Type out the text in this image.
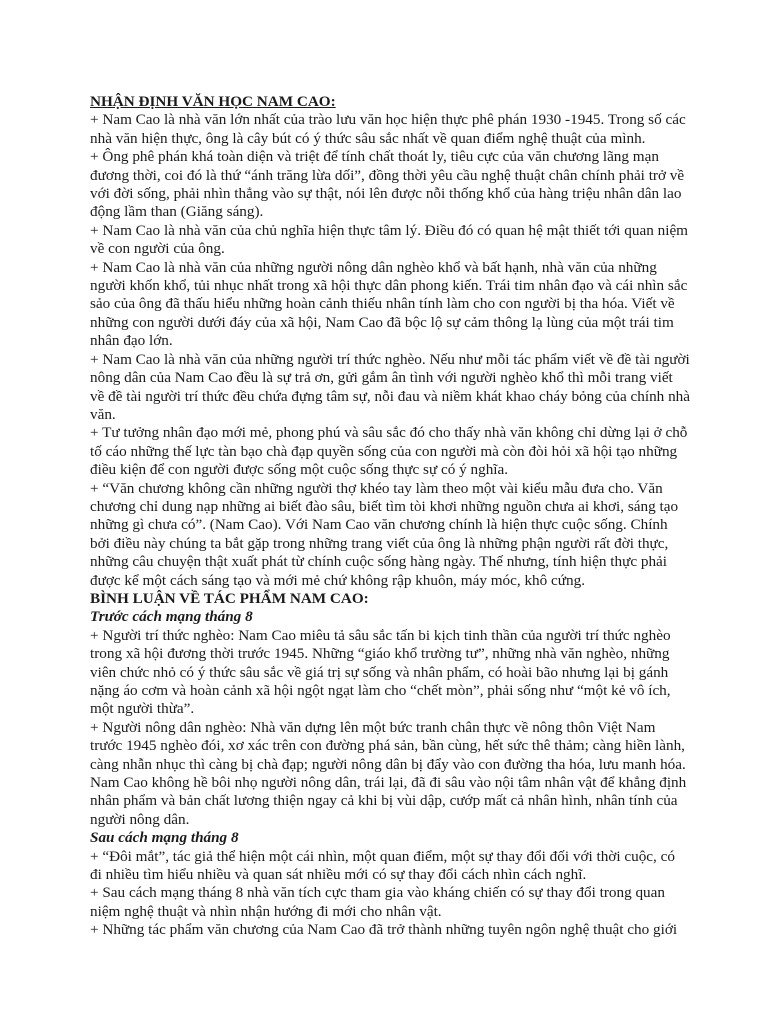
NHẬN ĐỊNH VĂN HỌC NAM CAO:

+ Nam Cao là nhà văn lớn nhất của trào lưu văn học hiện thực phê phán 1930 -1945. Trong số các nhà văn hiện thực, ông là cây bút có ý thức sâu sắc nhất về quan điểm nghệ thuật của mình.

+ Ông phê phán khá toàn diện và triệt để tính chất thoát ly, tiêu cực của văn chương lãng mạn đương thời, coi đó là thứ “ánh trăng lừa dối”, đồng thời yêu cầu nghệ thuật chân chính phải trở về với đời sống, phải nhìn thẳng vào sự thật, nói lên được nỗi thống khổ của hàng triệu nhân dân lao động lầm than (Giăng sáng).

+ Nam Cao là nhà văn của chủ nghĩa hiện thực tâm lý. Điều đó có quan hệ mật thiết tới quan niệm về con người của ông.

+ Nam Cao là nhà văn của những người nông dân nghèo khổ và bất hạnh, nhà văn của những người khốn khổ, tủi nhục nhất trong xã hội thực dân phong kiến. Trái tim nhân đạo và cái nhìn sắc sảo của ông đã thấu hiểu những hoàn cảnh thiếu nhân tính làm cho con người bị tha hóa. Viết về những con người dưới đáy của xã hội, Nam Cao đã bộc lộ sự cảm thông lạ lùng của một trái tim nhân đạo lớn.

+ Nam Cao là nhà văn của những người trí thức nghèo. Nếu như mỗi tác phẩm viết về đề tài người nông dân của Nam Cao đều là sự trả ơn, gửi gắm ân tình với người nghèo khổ thì mỗi trang viết về đề tài người trí thức đều chứa đựng tâm sự, nỗi đau và niềm khát khao cháy bỏng của chính nhà văn.

+ Tư tưởng nhân đạo mới mẻ, phong phú và sâu sắc đó cho thấy nhà văn không chỉ dừng lại ở chỗ tố cáo những thế lực tàn bạo chà đạp quyền sống của con người mà còn đòi hỏi xã hội tạo những điều kiện để con người được sống một cuộc sống thực sự có ý nghĩa.

+ “Văn chương không cần những người thợ khéo tay làm theo một vài kiểu mẫu đưa cho. Văn chương chỉ dung nạp những ai biết đào sâu, biết tìm tòi khơi những nguồn chưa ai khơi, sáng tạo những gì chưa có”. (Nam Cao). Với Nam Cao văn chương chính là hiện thực cuộc sống. Chính bởi điều này chúng ta bắt gặp trong những trang viết của ông là những phận người rất đời thực, những câu chuyện thật xuất phát từ chính cuộc sống hàng ngày. Thế nhưng, tính hiện thực phải được kể một cách sáng tạo và mới mẻ chứ không rập khuôn, máy móc, khô cứng.

BÌNH LUẬN VỀ TÁC PHẨM NAM CAO:

Trước cách mạng tháng 8

+ Người trí thức nghèo: Nam Cao miêu tả sâu sắc tấn bi kịch tinh thần của người trí thức nghèo trong xã hội đương thời trước 1945. Những “giáo khổ trường tư”, những nhà văn nghèo, những viên chức nhỏ có ý thức sâu sắc về giá trị sự sống và nhân phẩm, có hoài bão nhưng lại bị gánh nặng áo cơm và hoàn cảnh xã hội ngột ngạt làm cho “chết mòn”, phải sống như “một kẻ vô ích, một người thừa”.

+ Người nông dân nghèo: Nhà văn dựng lên một bức tranh chân thực về nông thôn Việt Nam trước 1945 nghèo đói, xơ xác trên con đường phá sản, bần cùng, hết sức thê thảm; càng hiền lành, càng nhẫn nhục thì càng bị chà đạp; người nông dân bị đẩy vào con đường tha hóa, lưu manh hóa. Nam Cao không hề bôi nhọ người nông dân, trái lại, đã đi sâu vào nội tâm nhân vật để khẳng định nhân phẩm và bản chất lương thiện ngay cả khi bị vùi dập, cướp mất cả nhân hình, nhân tính của người nông dân.

Sau cách mạng tháng 8

+ “Đôi mắt”, tác giả thể hiện một cái nhìn, một quan điểm, một sự thay đổi đối với thời cuộc, có đi nhiều tìm hiểu nhiều và quan sát nhiều mới có sự thay đổi cách nhìn cách nghĩ.

+ Sau cách mạng tháng 8 nhà văn tích cực tham gia vào kháng chiến có sự thay đổi trong quan niệm nghệ thuật và nhìn nhận hướng đi mới cho nhân vật.

+ Những tác phẩm văn chương của Nam Cao đã trở thành những tuyên ngôn nghệ thuật cho giới
